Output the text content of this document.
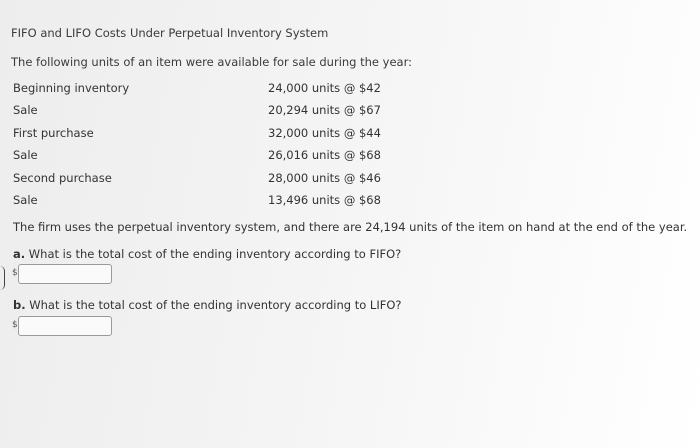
FIFO and LIFO Costs Under Perpetual Inventory System
The following units of an item were available for sale during the year:
Beginning inventory	24,000 units @ $42
Sale	20,294 units @ $67
First purchase	32,000 units @ $44
Sale	26,016 units @ $68
Second purchase	28,000 units @ $46
Sale	13,496 units @ $68
The firm uses the perpetual inventory system, and there are 24,194 units of the item on hand at the end of the year.
a. What is the total cost of the ending inventory according to FIFO?
$
b. What is the total cost of the ending inventory according to LIFO?
$
